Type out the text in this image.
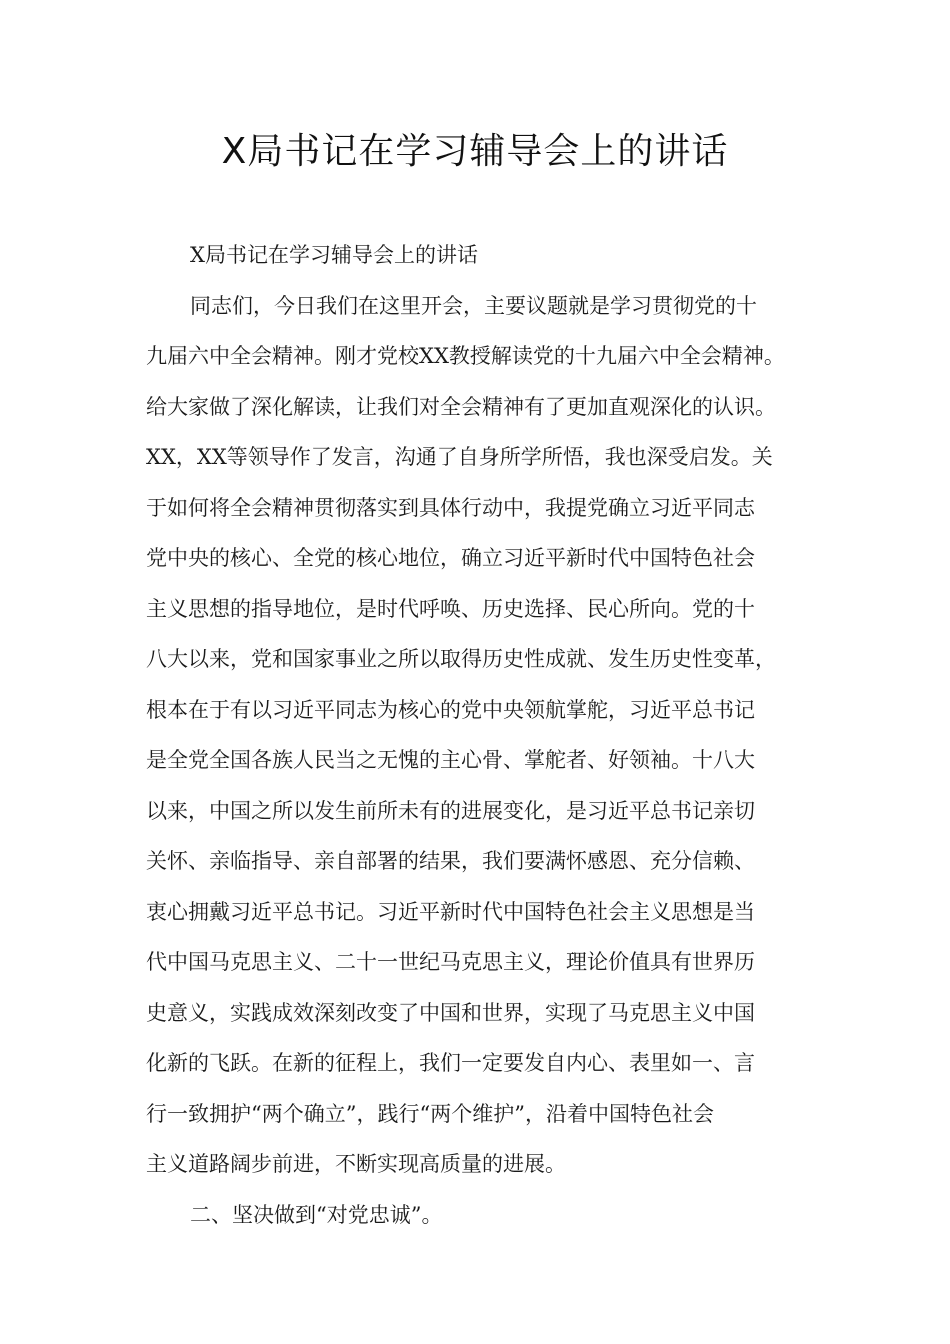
X局书记在学习辅导会上的讲话
X局书记在学习辅导会上的讲话
同志们，今日我们在这里开会，主要议题就是学习贯彻党的十
九届六中全会精神。刚才党校XX教授解读党的十九届六中全会精神。
给大家做了深化解读，让我们对全会精神有了更加直观深化的认识。
XX，XX等领导作了发言，沟通了自身所学所悟，我也深受启发。关
于如何将全会精神贯彻落实到具体行动中，我提党确立习近平同志
党中央的核心、全党的核心地位，确立习近平新时代中国特色社会
主义思想的指导地位，是时代呼唤、历史选择、民心所向。党的十
八大以来，党和国家事业之所以取得历史性成就、发生历史性变革，
根本在于有以习近平同志为核心的党中央领航掌舵，习近平总书记
是全党全国各族人民当之无愧的主心骨、掌舵者、好领袖。十八大
以来，中国之所以发生前所未有的进展变化，是习近平总书记亲切
关怀、亲临指导、亲自部署的结果，我们要满怀感恩、充分信赖、
衷心拥戴习近平总书记。习近平新时代中国特色社会主义思想是当
代中国马克思主义、二十一世纪马克思主义，理论价值具有世界历
史意义，实践成效深刻改变了中国和世界，实现了马克思主义中国
化新的飞跃。在新的征程上，我们一定要发自内心、表里如一、言
行一致拥护“两个确立”，践行“两个维护”，沿着中国特色社会
主义道路阔步前进，不断实现高质量的进展。
二、坚决做到“对党忠诚”。
